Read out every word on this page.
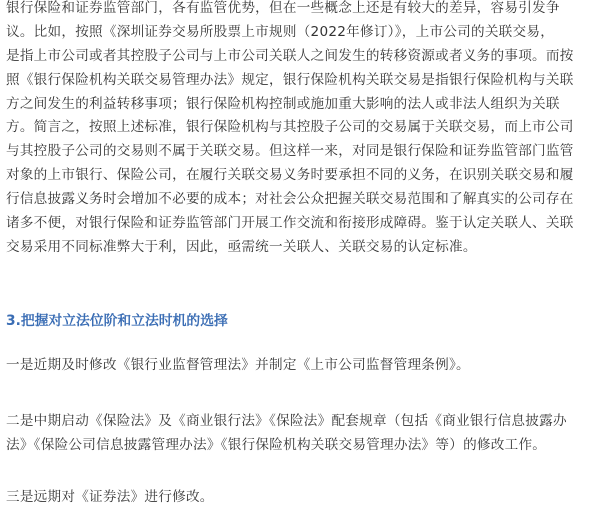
银行保险和证券监管部门，各有监管优势，但在一些概念上还是有较大的差异，容易引发争
议。比如，按照《深圳证券交易所股票上市规则（2022年修订）》，上市公司的关联交易，
是指上市公司或者其控股子公司与上市公司关联人之间发生的转移资源或者义务的事项。而按
照《银行保险机构关联交易管理办法》规定，银行保险机构关联交易是指银行保险机构与关联
方之间发生的利益转移事项；银行保险机构控制或施加重大影响的法人或非法人组织为关联
方。简言之，按照上述标准，银行保险机构与其控股子公司的交易属于关联交易，而上市公司
与其控股子公司的交易则不属于关联交易。但这样一来，对同是银行保险和证券监管部门监管
对象的上市银行、保险公司，在履行关联交易义务时要承担不同的义务，在识别关联交易和履
行信息披露义务时会增加不必要的成本；对社会公众把握关联交易范围和了解真实的公司存在
诸多不便，对银行保险和证券监管部门开展工作交流和衔接形成障碍。鉴于认定关联人、关联
交易采用不同标准弊大于利，因此，亟需统一关联人、关联交易的认定标准。

3.把握对立法位阶和立法时机的选择

一是近期及时修改《银行业监督管理法》并制定《上市公司监督管理条例》。

二是中期启动《保险法》及《商业银行法》《保险法》配套规章（包括《商业银行信息披露办
法》《保险公司信息披露管理办法》《银行保险机构关联交易管理办法》等）的修改工作。

三是远期对《证券法》进行修改。
